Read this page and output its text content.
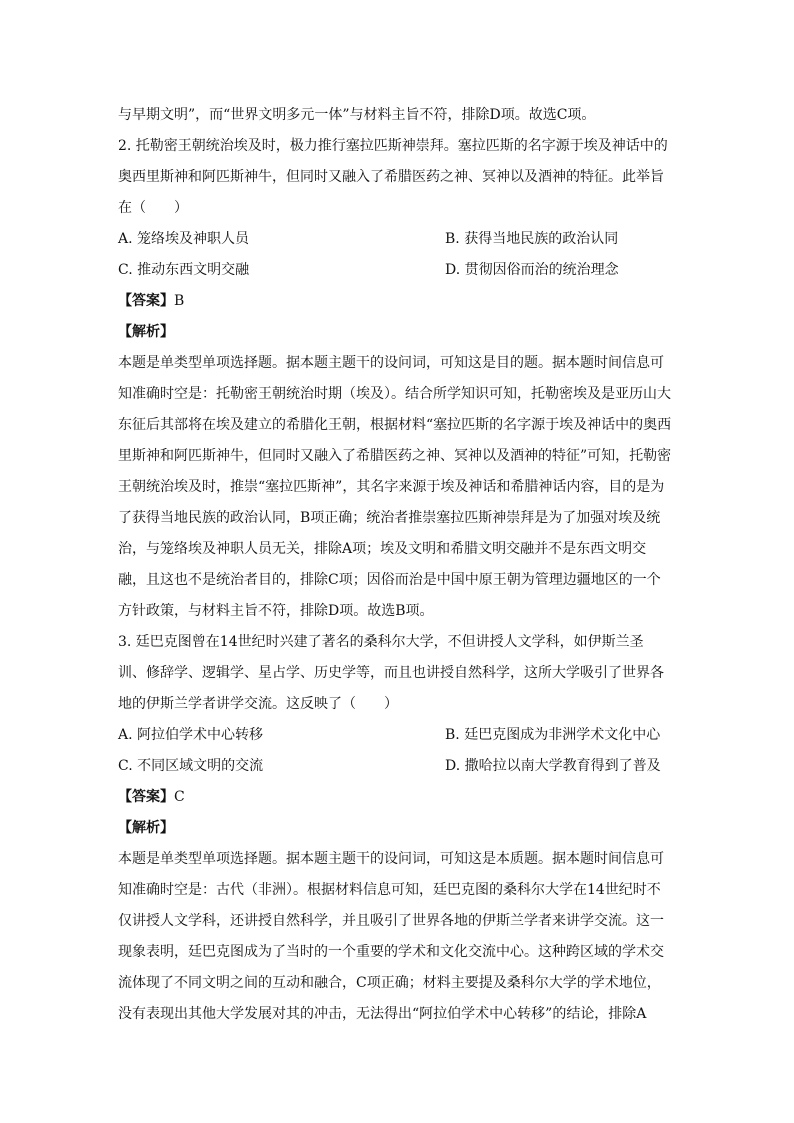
与早期文明”，而“世界文明多元一体”与材料主旨不符，排除D项。故选C项。
2. 托勒密王朝统治埃及时，极力推行塞拉匹斯神崇拜。塞拉匹斯的名字源于埃及神话中的
奥西里斯神和阿匹斯神牛，但同时又融入了希腊医药之神、冥神以及酒神的特征。此举旨
在（　　）
A. 笼络埃及神职人员	B. 获得当地民族的政治认同
C. 推动东西文明交融	D. 贯彻因俗而治的统治理念
【答案】B
【解析】
本题是单类型单项选择题。据本题主题干的设问词，可知这是目的题。据本题时间信息可
知准确时空是：托勒密王朝统治时期（埃及）。结合所学知识可知，托勒密埃及是亚历山大
东征后其部将在埃及建立的希腊化王朝，根据材料“塞拉匹斯的名字源于埃及神话中的奥西
里斯神和阿匹斯神牛，但同时又融入了希腊医药之神、冥神以及酒神的特征”可知，托勒密
王朝统治埃及时，推崇“塞拉匹斯神”，其名字来源于埃及神话和希腊神话内容，目的是为
了获得当地民族的政治认同，B项正确；统治者推崇塞拉匹斯神崇拜是为了加强对埃及统
治，与笼络埃及神职人员无关，排除A项；埃及文明和希腊文明交融并不是东西文明交
融，且这也不是统治者目的，排除C项；因俗而治是中国中原王朝为管理边疆地区的一个
方针政策，与材料主旨不符，排除D项。故选B项。
3. 廷巴克图曾在14世纪时兴建了著名的桑科尔大学，不但讲授人文学科，如伊斯兰圣
训、修辞学、逻辑学、星占学、历史学等，而且也讲授自然科学，这所大学吸引了世界各
地的伊斯兰学者讲学交流。这反映了（　　）
A. 阿拉伯学术中心转移	B. 廷巴克图成为非洲学术文化中心
C. 不同区域文明的交流	D. 撒哈拉以南大学教育得到了普及
【答案】C
【解析】
本题是单类型单项选择题。据本题主题干的设问词，可知这是本质题。据本题时间信息可
知准确时空是：古代（非洲）。根据材料信息可知，廷巴克图的桑科尔大学在14世纪时不
仅讲授人文学科，还讲授自然科学，并且吸引了世界各地的伊斯兰学者来讲学交流。这一
现象表明，廷巴克图成为了当时的一个重要的学术和文化交流中心。这种跨区域的学术交
流体现了不同文明之间的互动和融合，C项正确；材料主要提及桑科尔大学的学术地位，
没有表现出其他大学发展对其的冲击，无法得出“阿拉伯学术中心转移”的结论，排除A
